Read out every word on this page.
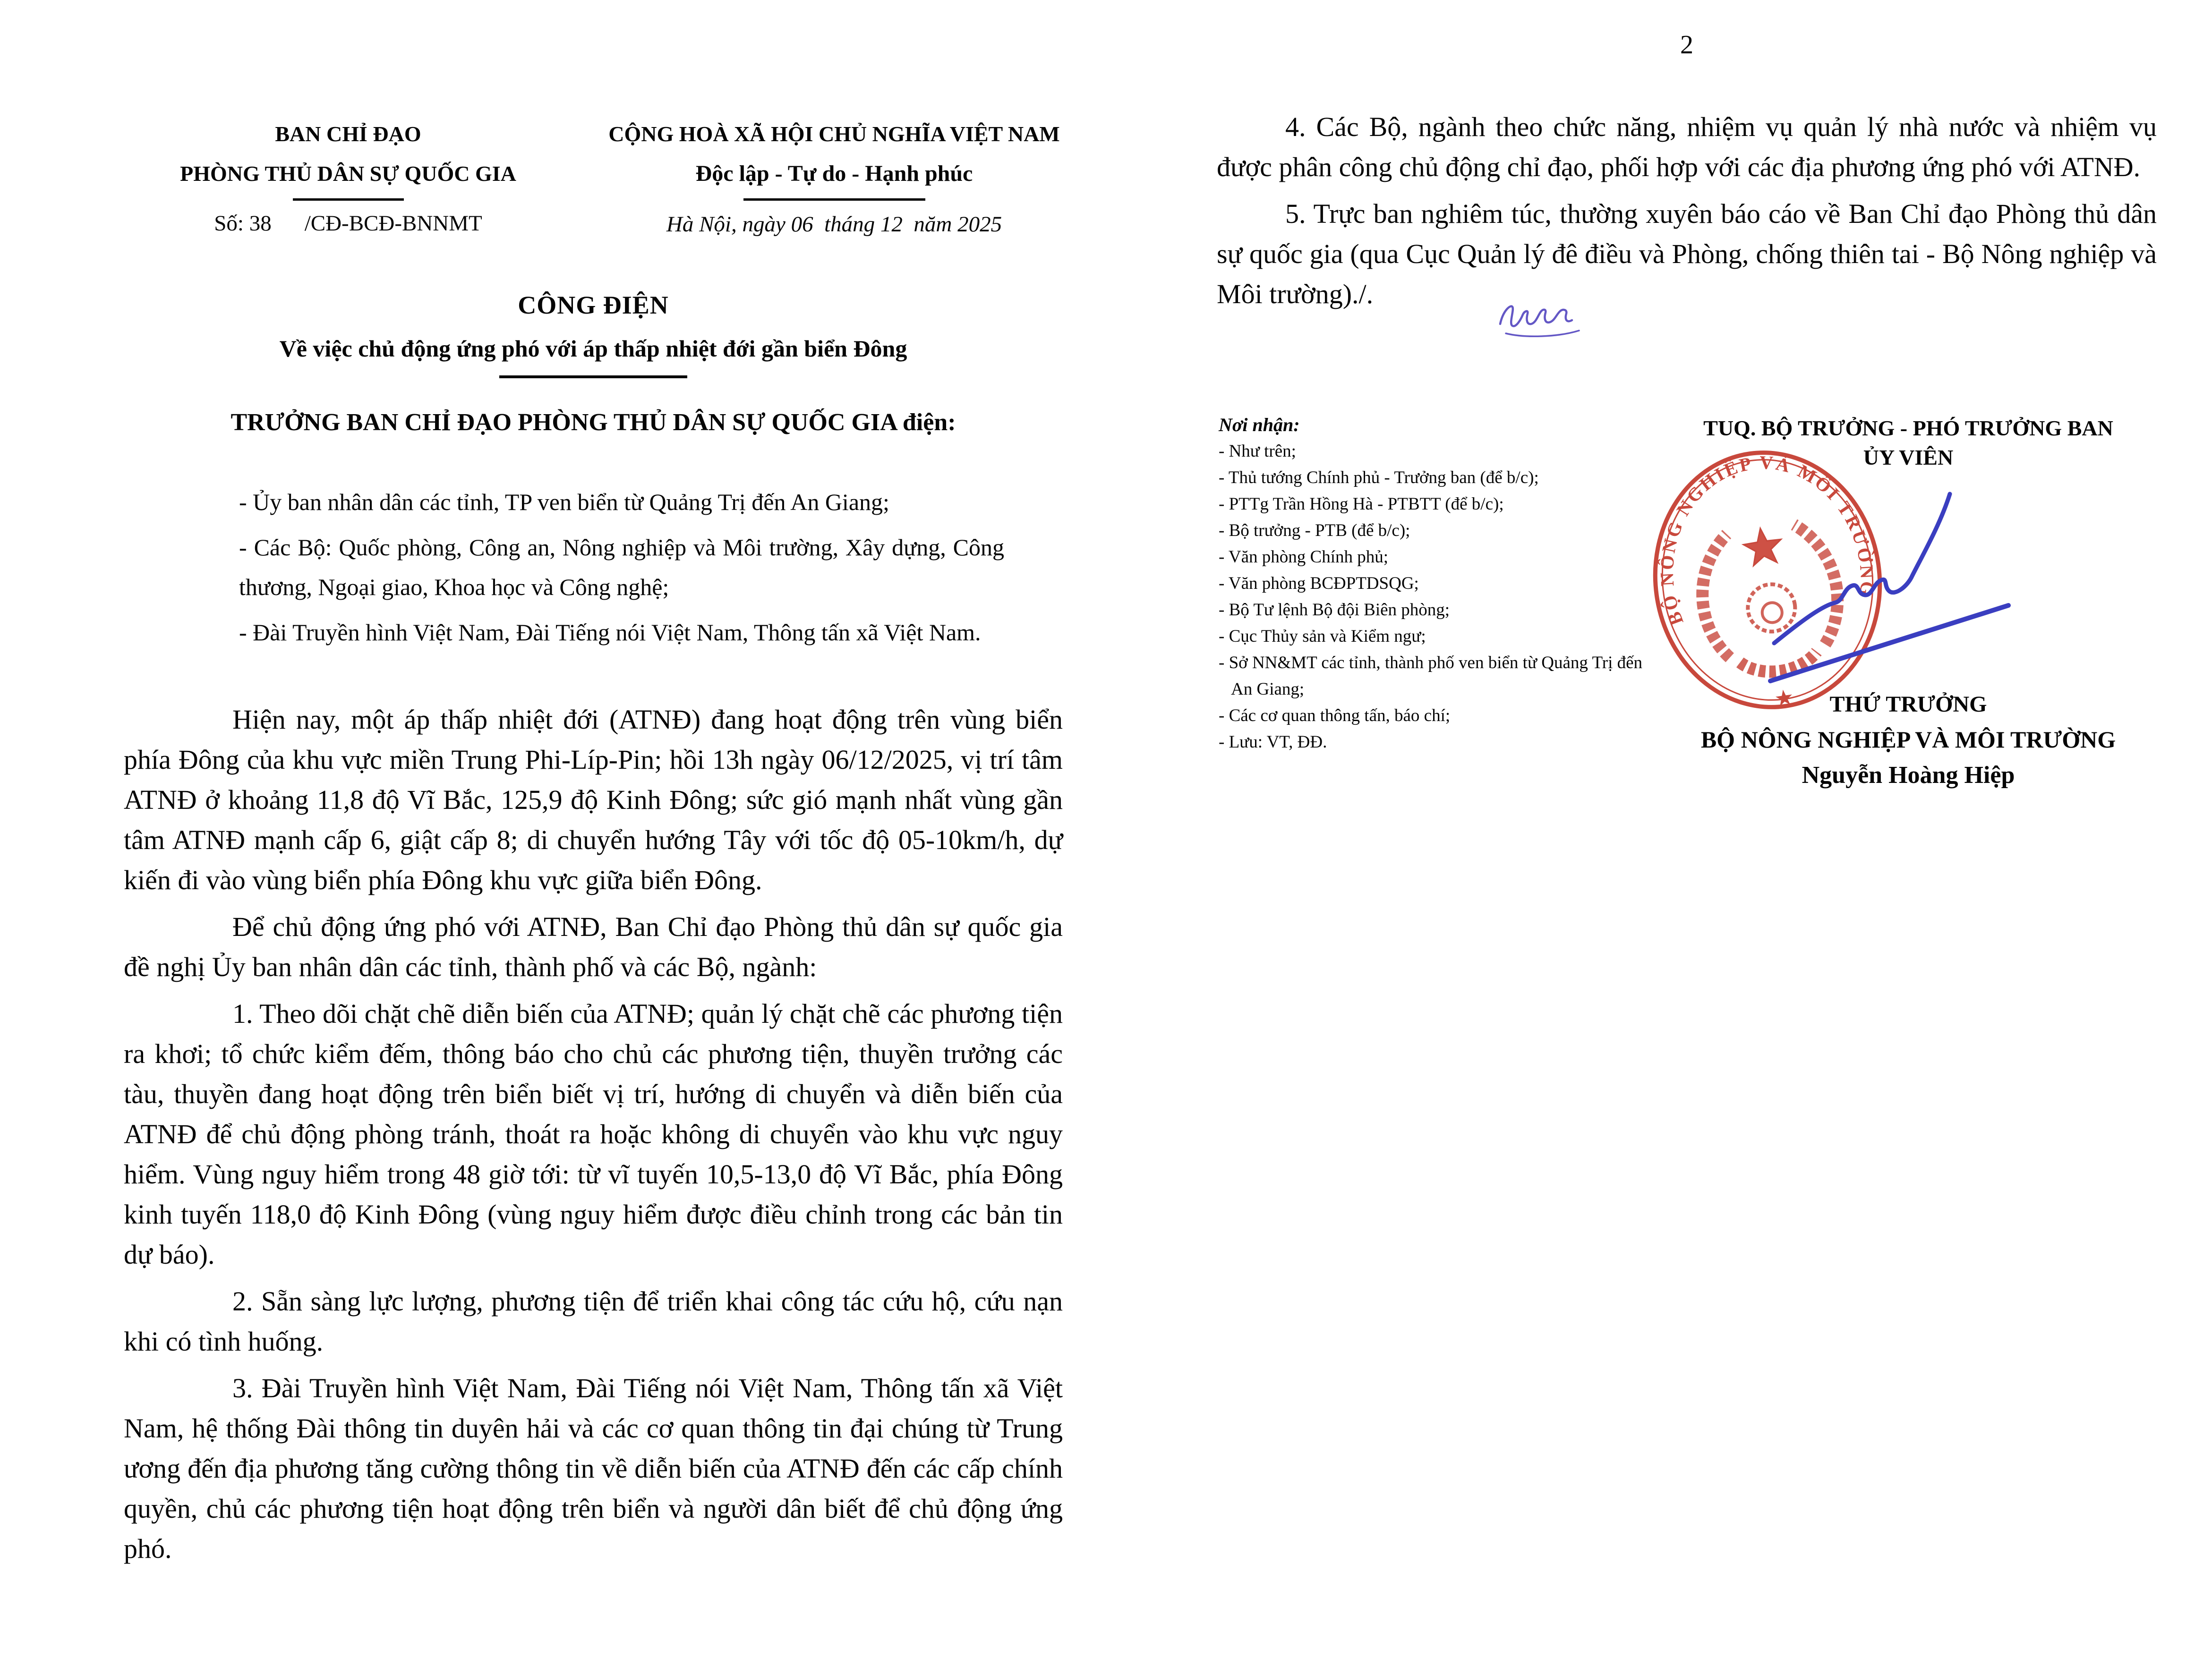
BAN CHỈ ĐẠO
PHÒNG THỦ DÂN SỰ QUỐC GIA
Số: 38 /CĐ-BCĐ-BNNMT
CỘNG HOÀ XÃ HỘI CHỦ NGHĨA VIỆT NAM
Độc lập - Tự do - Hạnh phúc
Hà Nội, ngày 06  tháng 12  năm 2025
CÔNG ĐIỆN
Về việc chủ động ứng phó với áp thấp nhiệt đới gần biển Đông
TRƯỞNG BAN CHỈ ĐẠO PHÒNG THỦ DÂN SỰ QUỐC GIA điện:

- Ủy ban nhân dân các tỉnh, TP ven biển từ Quảng Trị đến An Giang;

- Các Bộ: Quốc phòng, Công an, Nông nghiệp và Môi trường, Xây dựng, Công thương, Ngoại giao, Khoa học và Công nghệ;

- Đài Truyền hình Việt Nam, Đài Tiếng nói Việt Nam, Thông tấn xã Việt Nam.

Hiện nay, một áp thấp nhiệt đới (ATNĐ) đang hoạt động trên vùng biển phía Đông của khu vực miền Trung Phi-Líp-Pin; hồi 13h ngày 06/12/2025, vị trí tâm ATNĐ ở khoảng 11,8 độ Vĩ Bắc, 125,9 độ Kinh Đông; sức gió mạnh nhất vùng gần tâm ATNĐ mạnh cấp 6, giật cấp 8; di chuyển hướng Tây với tốc độ 05-10km/h, dự kiến đi vào vùng biển phía Đông khu vực giữa biển Đông.

Để chủ động ứng phó với ATNĐ, Ban Chỉ đạo Phòng thủ dân sự quốc gia đề nghị Ủy ban nhân dân các tỉnh, thành phố và các Bộ, ngành:

1. Theo dõi chặt chẽ diễn biến của ATNĐ; quản lý chặt chẽ các phương tiện ra khơi; tổ chức kiểm đếm, thông báo cho chủ các phương tiện, thuyền trưởng các tàu, thuyền đang hoạt động trên biển biết vị trí, hướng di chuyển và diễn biến của ATNĐ để chủ động phòng tránh, thoát ra hoặc không di chuyển vào khu vực nguy hiểm. Vùng nguy hiểm trong 48 giờ tới: từ vĩ tuyến 10,5-13,0 độ Vĩ Bắc, phía Đông kinh tuyến 118,0 độ Kinh Đông (vùng nguy hiểm được điều chỉnh trong các bản tin dự báo).

2. Sẵn sàng lực lượng, phương tiện để triển khai công tác cứu hộ, cứu nạn khi có tình huống.

3. Đài Truyền hình Việt Nam, Đài Tiếng nói Việt Nam, Thông tấn xã Việt Nam, hệ thống Đài thông tin duyên hải và các cơ quan thông tin đại chúng từ Trung ương đến địa phương tăng cường thông tin về diễn biến của ATNĐ đến các cấp chính quyền, chủ các phương tiện hoạt động trên biển và người dân biết để chủ động ứng phó.

2

4. Các Bộ, ngành theo chức năng, nhiệm vụ quản lý nhà nước và nhiệm vụ được phân công chủ động chỉ đạo, phối hợp với các địa phương ứng phó với ATNĐ.

5. Trực ban nghiêm túc, thường xuyên báo cáo về Ban Chỉ đạo Phòng thủ dân sự quốc gia (qua Cục Quản lý đê điều và Phòng, chống thiên tai - Bộ Nông nghiệp và Môi trường)./.

Nơi nhận:
- Như trên;
- Thủ tướng Chính phủ - Trưởng ban (để b/c);
- PTTg Trần Hồng Hà - PTBTT (để b/c);
- Bộ trưởng - PTB (để b/c);
- Văn phòng Chính phủ;
- Văn phòng BCĐPTDSQG;
- Bộ Tư lệnh Bộ đội Biên phòng;
- Cục Thủy sản và Kiểm ngư;
- Sở NN&MT các tỉnh, thành phố ven biển từ Quảng Trị đến An Giang;
- Các cơ quan thông tấn, báo chí;
- Lưu: VT, ĐĐ.
TUQ. BỘ TRƯỞNG - PHÓ TRƯỞNG BAN
ỦY VIÊN
THỨ TRƯỞNG
BỘ NÔNG NGHIỆP VÀ MÔI TRƯỜNG
Nguyễn Hoàng Hiệp
BỘ NÔNG NGHIỆP VÀ MÔI TRƯỜNG
★
